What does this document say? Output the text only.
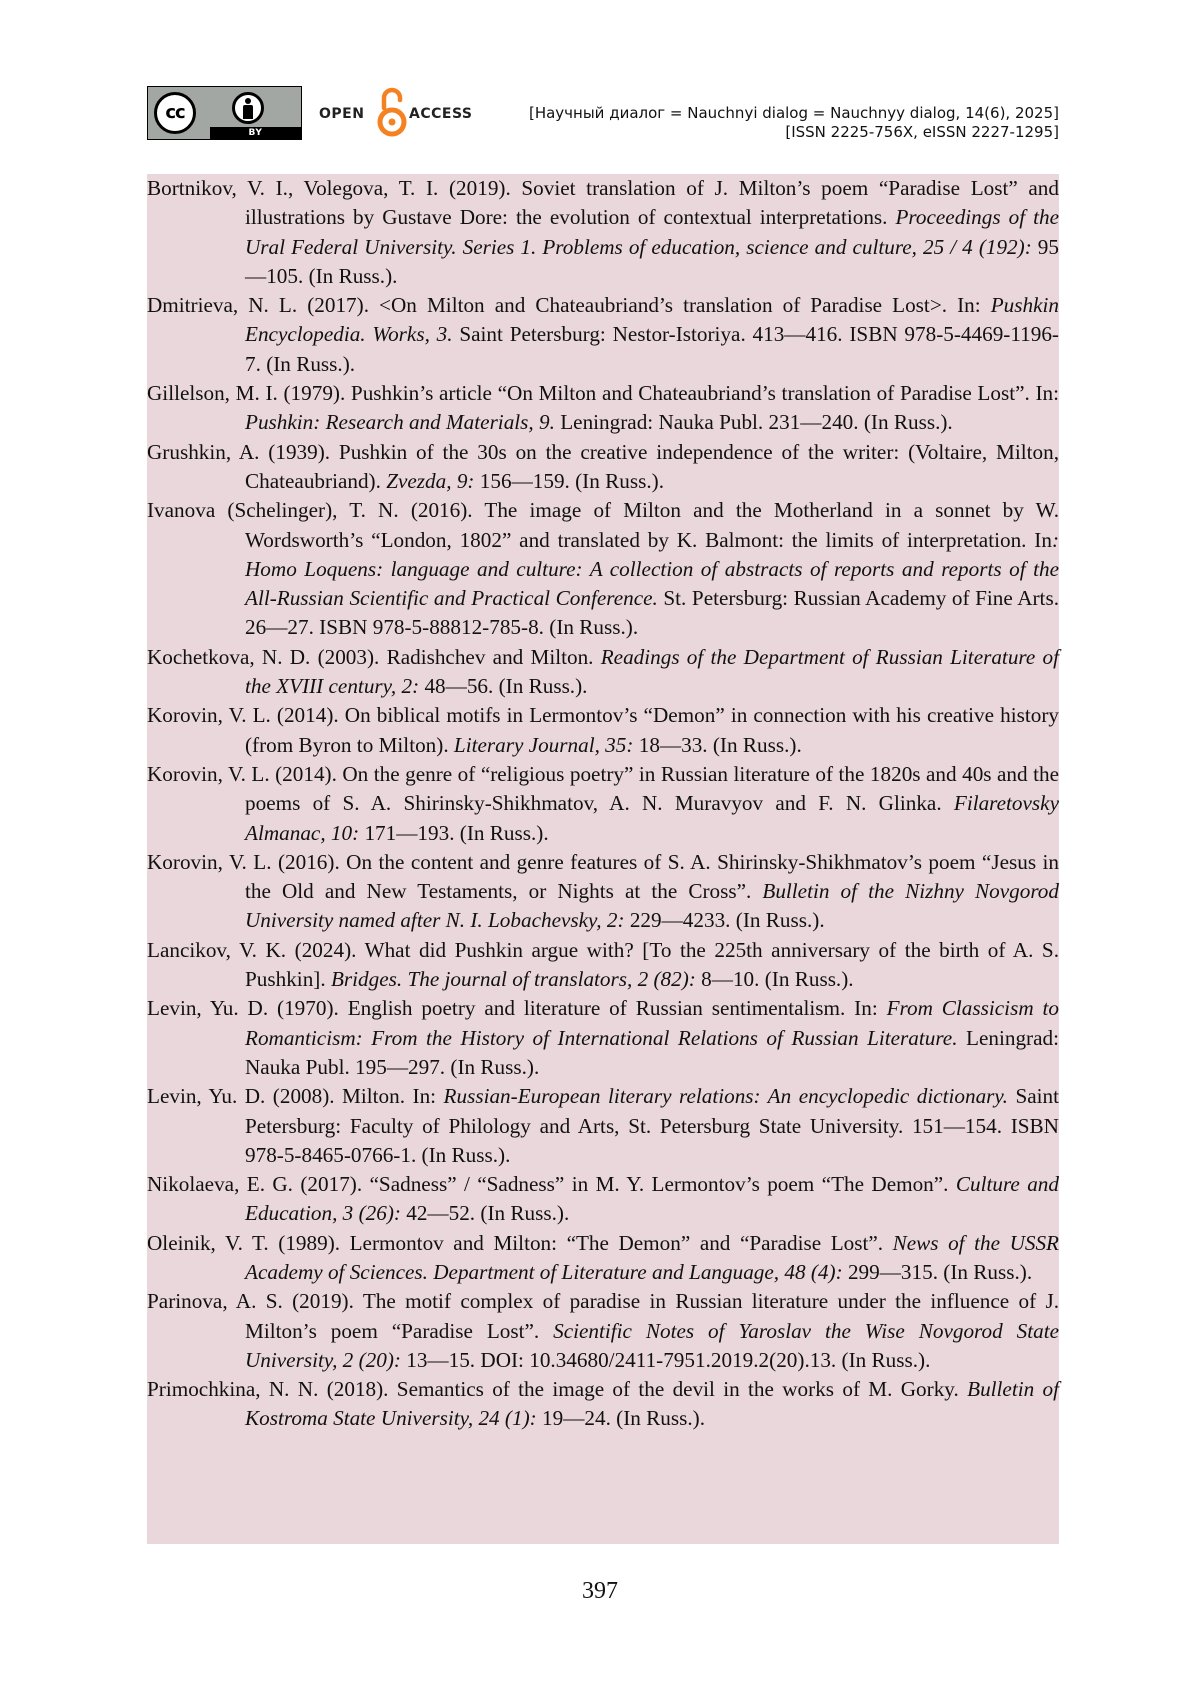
cc
BY
OPEN	ACCESS	[Научный диалог = Nauchnyi dialog = Nauchnyy dialog, 14(6), 2025]
[ISSN 2225-756X, eISSN 2227-1295]

Bortnikov, V. I., Volegova, T. I. (2019). Soviet translation of J. Milton’s poem “Paradise Lost” and illustrations by Gustave Dore: the evolution of contextual interpretations. Proceedings of the Ural Federal University. Series 1. Problems of education, science and culture, 25 / 4 (192): 95—105. (In Russ.).

Dmitrieva, N. L. (2017). <On Milton and Chateaubriand’s translation of Paradise Lost>. In: Pushkin Encyclopedia. Works, 3. Saint Petersburg: Nestor-Istoriya. 413—416. ISBN 978-5-4469-1196-7. (In Russ.).

Gillelson, M. I. (1979). Pushkin’s article “On Milton and Chateaubriand’s translation of Paradise Lost”. In: Pushkin: Research and Materials, 9. Leningrad: Nauka Publ. 231—240. (In Russ.).

Grushkin, A. (1939). Pushkin of the 30s on the creative independence of the writer: (Voltaire, Milton, Chateaubriand). Zvezda, 9: 156—159. (In Russ.).

Ivanova (Schelinger), T. N. (2016). The image of Milton and the Motherland in a sonnet by W. Wordsworth’s “London, 1802” and translated by K. Balmont: the limits of interpretation. In: Homo Loquens: language and culture: A collection of abstracts of reports and reports of the All-Russian Scientific and Practical Conference. St. Petersburg: Russian Academy of Fine Arts. 26—27. ISBN 978-5-88812-785-8. (In Russ.).

Kochetkova, N. D. (2003). Radishchev and Milton. Readings of the Department of Russian Literature of the XVIII century, 2: 48—56. (In Russ.).

Korovin, V. L. (2014). On biblical motifs in Lermontov’s “Demon” in connection with his creative history (from Byron to Milton). Literary Journal, 35: 18—33. (In Russ.).

Korovin, V. L. (2014). On the genre of “religious poetry” in Russian literature of the 1820s and 40s and the poems of S. A. Shirinsky-Shikhmatov, A. N. Muravyov and F. N. Glinka. Filaretovsky Almanac, 10: 171—193. (In Russ.).

Korovin, V. L. (2016). On the content and genre features of S. A. Shirinsky-Shikhmatov’s poem “Jesus in the Old and New Testaments, or Nights at the Cross”. Bulletin of the Nizhny Novgorod University named after N. I. Lobachevsky, 2: 229—4233. (In Russ.).

Lancikov, V. K. (2024). What did Pushkin argue with? [To the 225th anniversary of the birth of A. S. Pushkin]. Bridges. The journal of translators, 2 (82): 8—10. (In Russ.).

Levin, Yu. D. (1970). English poetry and literature of Russian sentimentalism. In: From Classicism to Romanticism: From the History of International Relations of Russian Literature. Leningrad: Nauka Publ. 195—297. (In Russ.).

Levin, Yu. D. (2008). Milton. In: Russian-European literary relations: An encyclopedic dictionary. Saint Petersburg: Faculty of Philology and Arts, St. Petersburg State University. 151—154. ISBN 978-5-8465-0766-1. (In Russ.).

Nikolaeva, E. G. (2017). “Sadness” / “Sadness” in M. Y. Lermontov’s poem “The Demon”. Culture and Education, 3 (26): 42—52. (In Russ.).

Oleinik, V. T. (1989). Lermontov and Milton: “The Demon” and “Paradise Lost”. News of the USSR Academy of Sciences. Department of Literature and Language, 48 (4): 299—315. (In Russ.).

Parinova, A. S. (2019). The motif complex of paradise in Russian literature under the influence of J. Milton’s poem “Paradise Lost”. Scientific Notes of Yaroslav the Wise Novgorod State University, 2 (20): 13—15. DOI: 10.34680/2411-7951.2019.2(20).13. (In Russ.).

Primochkina, N. N. (2018). Semantics of the image of the devil in the works of M. Gorky. Bulletin of Kostroma State University, 24 (1): 19—24. (In Russ.).

397
